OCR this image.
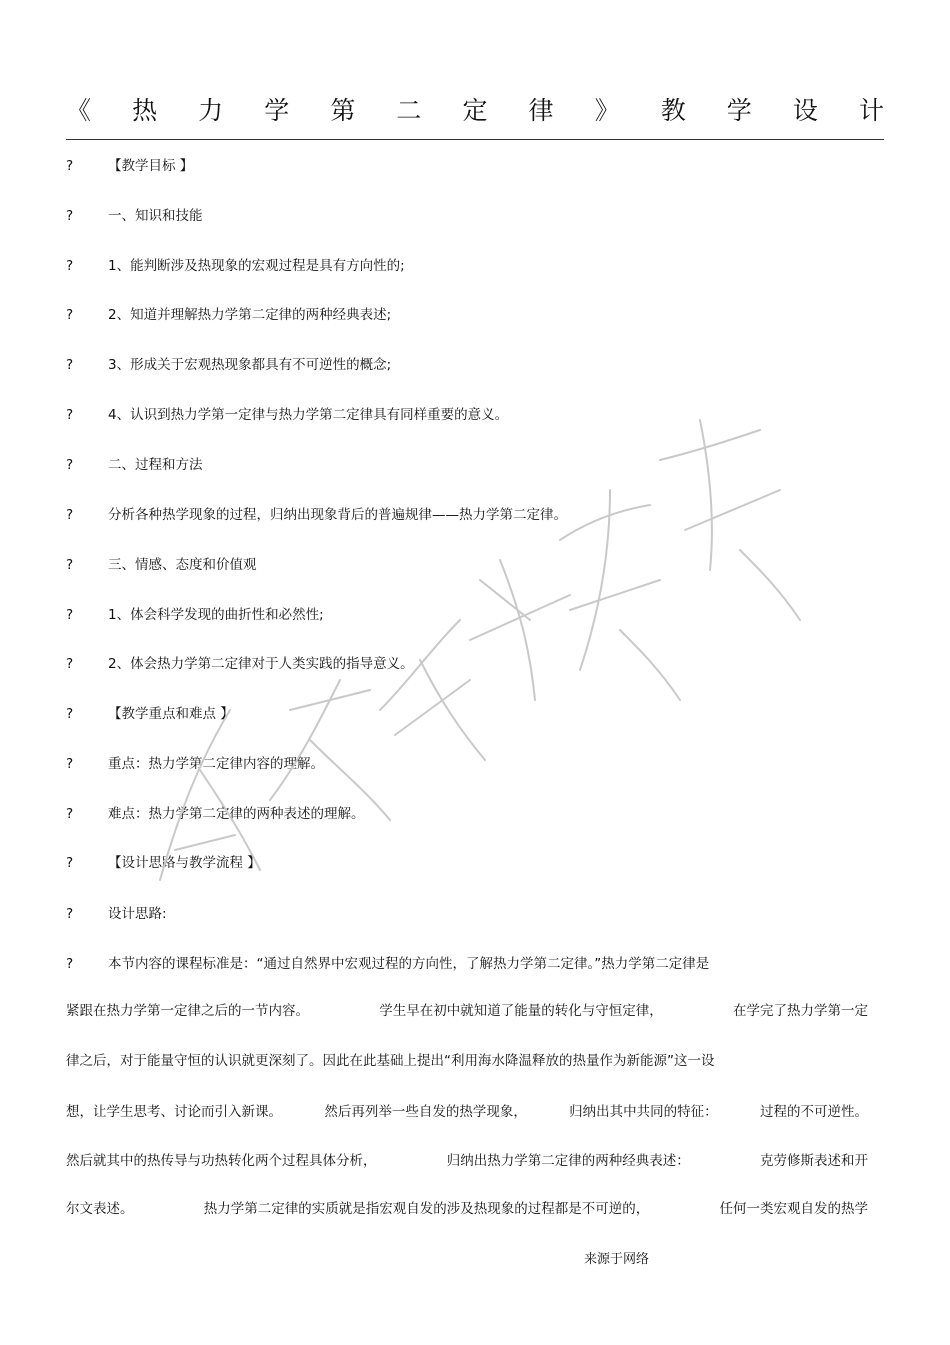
《 热 力 学 第 二 定 律 》 教 学 设 计
?	【教学目标 】
?	一、知识和技能
?	1、能判断涉及热现象的宏观过程是具有方向性的;
?	2、知道并理解热力学第二定律的两种经典表述;
?	3、形成关于宏观热现象都具有不可逆性的概念;
?	4、认识到热力学第一定律与热力学第二定律具有同样重要的意义。
?	二、过程和方法
?	分析各种热学现象的过程，归纳出现象背后的普遍规律——热力学第二定律。
?	三、情感、态度和价值观
?	1、体会科学发现的曲折性和必然性;
?	2、体会热力学第二定律对于人类实践的指导意义。
?	【教学重点和难点 】
?	重点：热力学第二定律内容的理解。
?	难点：热力学第二定律的两种表述的理解。
?	【设计思路与教学流程 】
?	设计思路:
?	本节内容的课程标准是：“通过自然界中宏观过程的方向性，了解热力学第二定律。”热力学第二定律是
紧跟在热力学第一定律之后的一节内容。	学生早在初中就知道了能量的转化与守恒定律，	在学完了热力学第一定
律之后，对于能量守恒的认识就更深刻了。因此在此基础上提出“利用海水降温释放的热量作为新能源”这一设
想，让学生思考、讨论而引入新课。	然后再列举一些自发的热学现象，	归纳出其中共同的特征：	过程的不可逆性。
然后就其中的热传导与功热转化两个过程具体分析，	归纳出热力学第二定律的两种经典表述：	克劳修斯表述和开
尔文表述。	热力学第二定律的实质就是指宏观自发的涉及热现象的过程都是不可逆的，	任何一类宏观自发的热学
来源于网络
